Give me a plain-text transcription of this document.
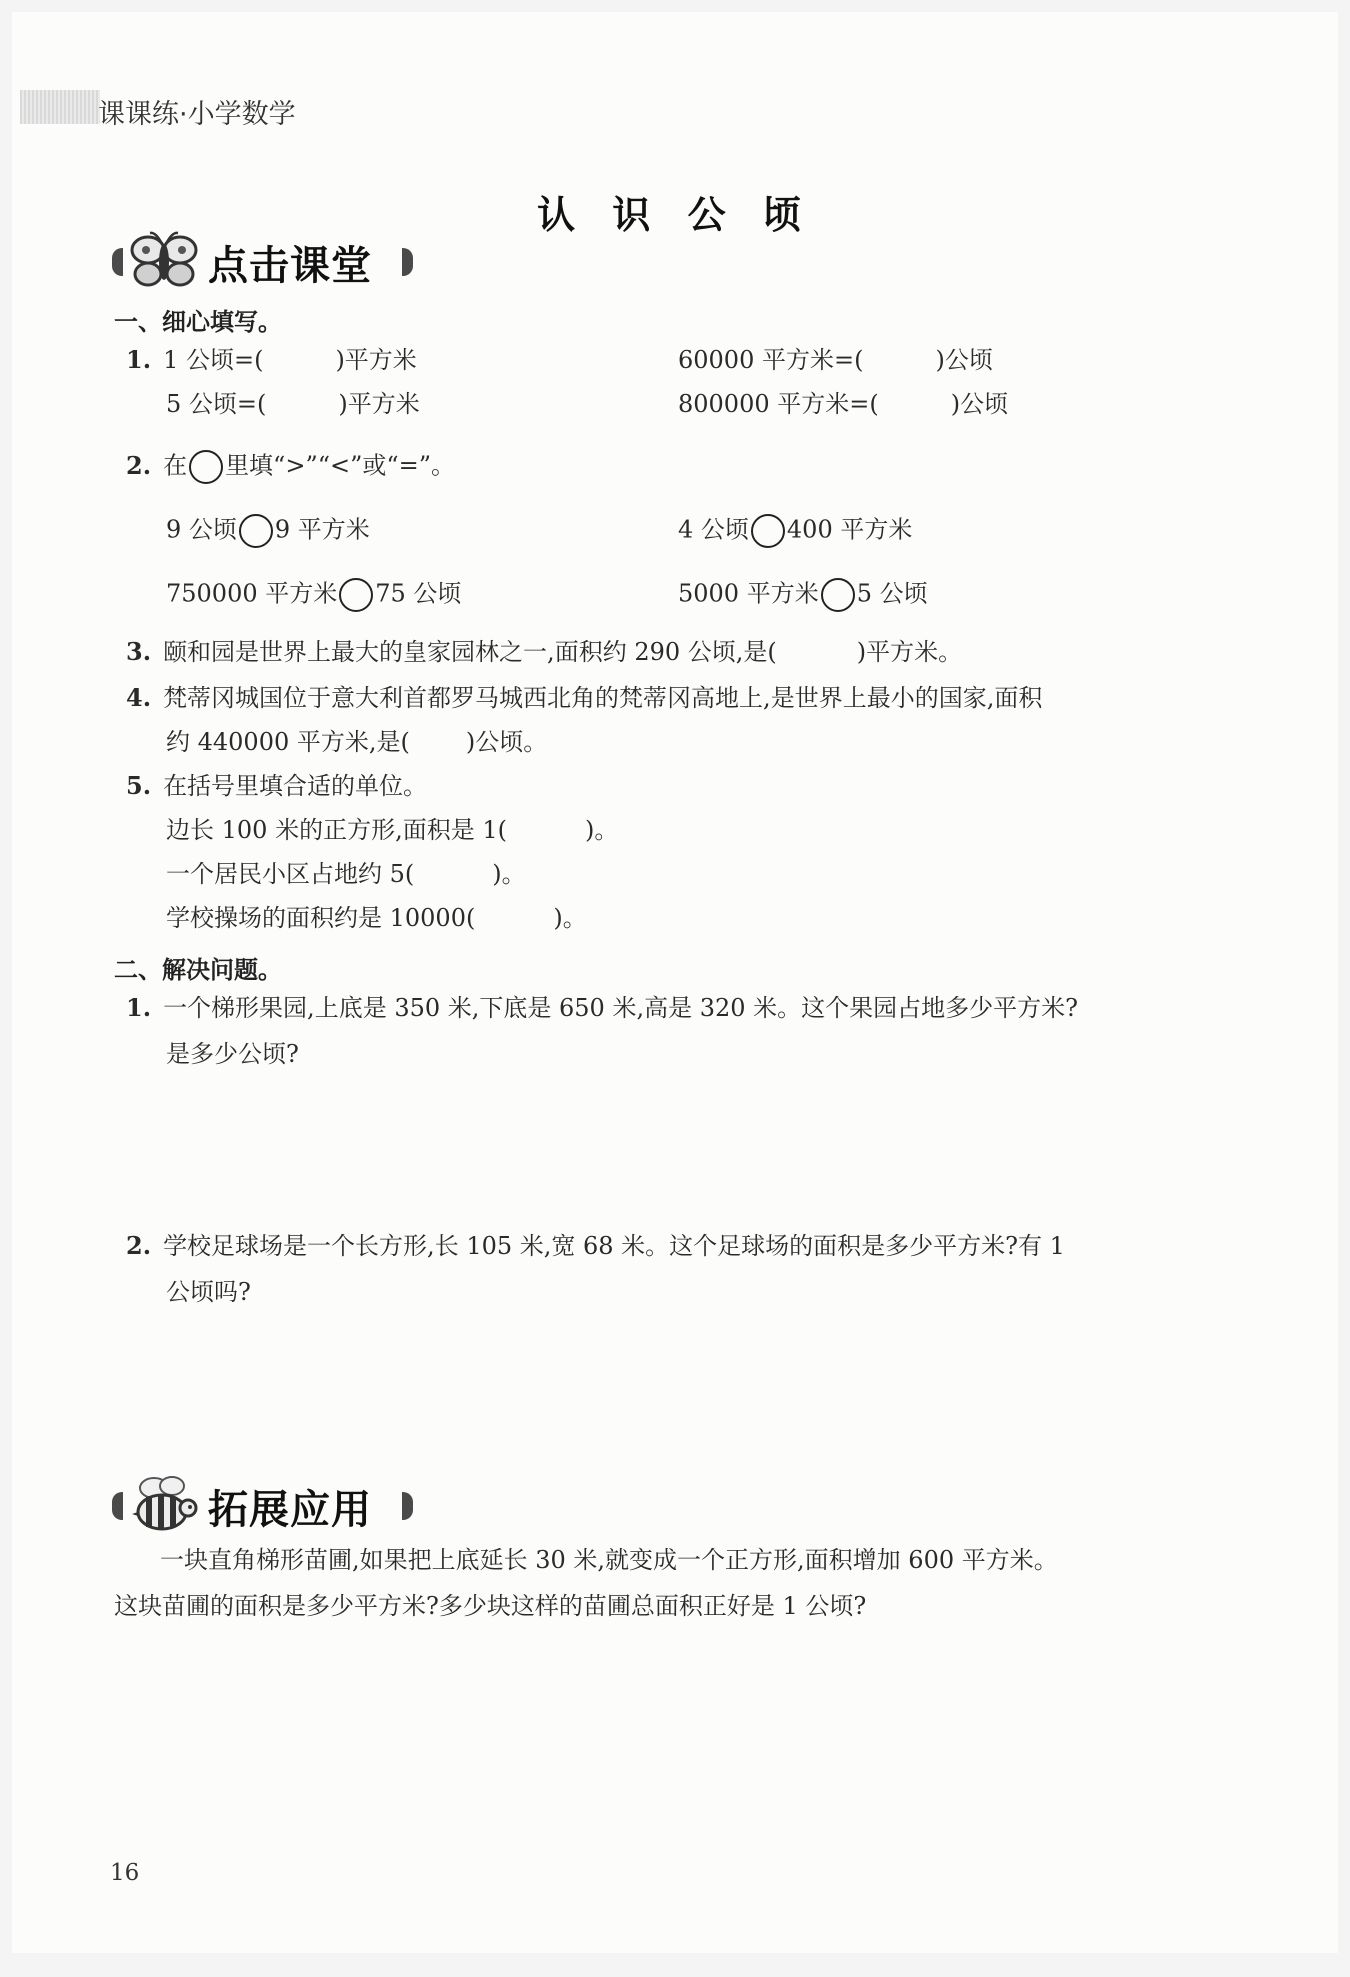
课课练·小学数学
认 识 公 顷
点击课堂
一、细心填写。
1. 1 公顷=(	)平方米	60000 平方米=(	)公顷
5 公顷=(	)平方米	800000 平方米=(	)公顷
2. 在 里填“>”“<”或“=”。
9 公顷 9 平方米	4 公顷 400 平方米
750000 平方米 75 公顷	5000 平方米 5 公顷
3. 颐和园是世界上最大的皇家园林之一,面积约 290 公顷,是(	)平方米。
4. 梵蒂冈城国位于意大利首都罗马城西北角的梵蒂冈高地上,是世界上最小的国家,面积
约 440000 平方米,是( )公顷。
5. 在括号里填合适的单位。
边长 100 米的正方形,面积是 1(	)。
一个居民小区占地约 5(	)。
学校操场的面积约是 10000(	)。
二、解决问题。
1. 一个梯形果园,上底是 350 米,下底是 650 米,高是 320 米。这个果园占地多少平方米?
是多少公顷?
2. 学校足球场是一个长方形,长 105 米,宽 68 米。这个足球场的面积是多少平方米?有 1
公顷吗?
拓展应用
一块直角梯形苗圃,如果把上底延长 30 米,就变成一个正方形,面积增加 600 平方米。
这块苗圃的面积是多少平方米?多少块这样的苗圃总面积正好是 1 公顷?
16
